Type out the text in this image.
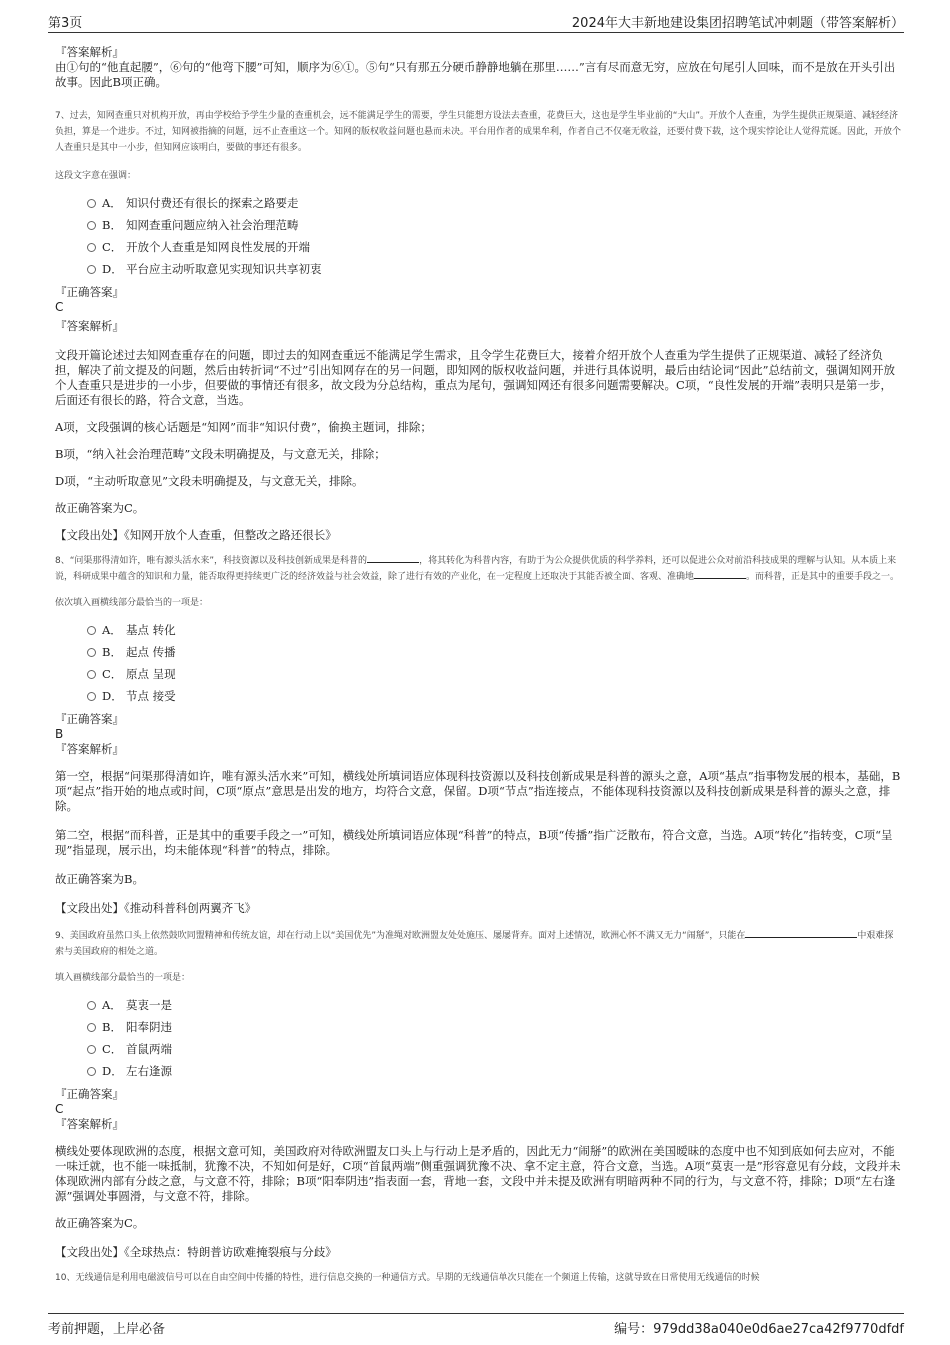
第3页	2024年大丰新地建设集团招聘笔试冲刺题（带答案解析）
『答案解析』

由①句的“他直起腰”，⑥句的“他弯下腰”可知，顺序为⑥①。⑤句“只有那五分硬币静静地躺在那里……”言有尽而意无穷，应放在句尾引人回味，而不是放在开头引出故事。因此B项正确。

7、过去，知网查重只对机构开放，再由学校给予学生少量的查重机会，远不能满足学生的需要，学生只能想方设法去查重，花费巨大，这也是学生毕业前的“大山”。开放个人查重，为学生提供正规渠道、减轻经济负担，算是一个进步。不过，知网被指摘的问题，远不止查重这一个。知网的版权收益问题也悬而未决。平台用作者的成果牟利，作者自己不仅毫无收益，还要付费下载，这个现实悖论让人觉得荒诞。因此，开放个人查重只是其中一小步，但知网应该明白，要做的事还有很多。
这段文字意在强调：
A． 知识付费还有很长的探索之路要走
B． 知网查重问题应纳入社会治理范畴
C． 开放个人查重是知网良性发展的开端
D． 平台应主动听取意见实现知识共享初衷
『正确答案』
C
『答案解析』

文段开篇论述过去知网查重存在的问题，即过去的知网查重远不能满足学生需求，且令学生花费巨大，接着介绍开放个人查重为学生提供了正规渠道、减轻了经济负担，解决了前文提及的问题，然后由转折词“不过”引出知网存在的另一问题，即知网的版权收益问题，并进行具体说明，最后由结论词“因此”总结前文，强调知网开放个人查重只是进步的一小步，但要做的事情还有很多，故文段为分总结构，重点为尾句，强调知网还有很多问题需要解决。C项，“良性发展的开端”表明只是第一步，后面还有很长的路，符合文意，当选。

A项，文段强调的核心话题是“知网”而非“知识付费”，偷换主题词，排除；

B项，“纳入社会治理范畴”文段未明确提及，与文意无关，排除；

D项，“主动听取意见”文段未明确提及，与文意无关，排除。

故正确答案为C。

【文段出处】《知网开放个人查重，但整改之路还很长》

8、“问渠那得清如许，唯有源头活水来”，科技资源以及科技创新成果是科普的	，将其转化为科普内容，有助于为公众提供优质的科学养料，还可以促进公众对前沿科技成果的理解与认知。从本质上来说，科研成果中蕴含的知识和力量，能否取得更持续更广泛的经济效益与社会效益，除了进行有效的产业化，在一定程度上还取决于其能否被全面、客观、准确地	。而科普，正是其中的重要手段之一。
依次填入画横线部分最恰当的一项是：
A． 基点 转化
B． 起点 传播
C． 原点 呈现
D． 节点 接受
『正确答案』
B
『答案解析』

第一空，根据“问渠那得清如许，唯有源头活水来”可知，横线处所填词语应体现科技资源以及科技创新成果是科普的源头之意，A项“基点”指事物发展的根本，基础，B项“起点”指开始的地点或时间，C项“原点”意思是出发的地方，均符合文意，保留。D项“节点”指连接点，不能体现科技资源以及科技创新成果是科普的源头之意，排除。

第二空，根据“而科普，正是其中的重要手段之一”可知，横线处所填词语应体现“科普”的特点，B项“传播”指广泛散布，符合文意，当选。A项“转化”指转变，C项“呈现”指显现，展示出，均未能体现“科普”的特点，排除。

故正确答案为B。

【文段出处】《推动科普科创两翼齐飞》

9、美国政府虽然口头上依然鼓吹同盟精神和传统友谊，却在行动上以“美国优先”为准绳对欧洲盟友处处施压、屡屡背弃。面对上述情况，欧洲心怀不满又无力“闹掰”，只能在	中艰难探索与美国政府的相处之道。
填入画横线部分最恰当的一项是：
A． 莫衷一是
B． 阳奉阴违
C． 首鼠两端
D． 左右逢源
『正确答案』
C
『答案解析』

横线处要体现欧洲的态度，根据文意可知，美国政府对待欧洲盟友口头上与行动上是矛盾的，因此无力“闹掰”的欧洲在美国暧昧的态度中也不知到底如何去应对，不能一味迁就，也不能一味抵制，犹豫不决，不知如何是好，C项“首鼠两端”侧重强调犹豫不决、拿不定主意，符合文意，当选。A项“莫衷一是”形容意见有分歧，文段并未体现欧洲内部有分歧之意，与文意不符，排除；B项“阳奉阴违”指表面一套，背地一套，文段中并未提及欧洲有明暗两种不同的行为，与文意不符，排除；D项“左右逢源”强调处事圆滑，与文意不符，排除。

故正确答案为C。

【文段出处】《全球热点：特朗普访欧难掩裂痕与分歧》

10、无线通信是利用电磁波信号可以在自由空间中传播的特性，进行信息交换的一种通信方式。早期的无线通信单次只能在一个频道上传输，这就导致在日常使用无线通信的时候
考前押题，上岸必备	编号：979dd38a040e0d6ae27ca42f9770dfdf
